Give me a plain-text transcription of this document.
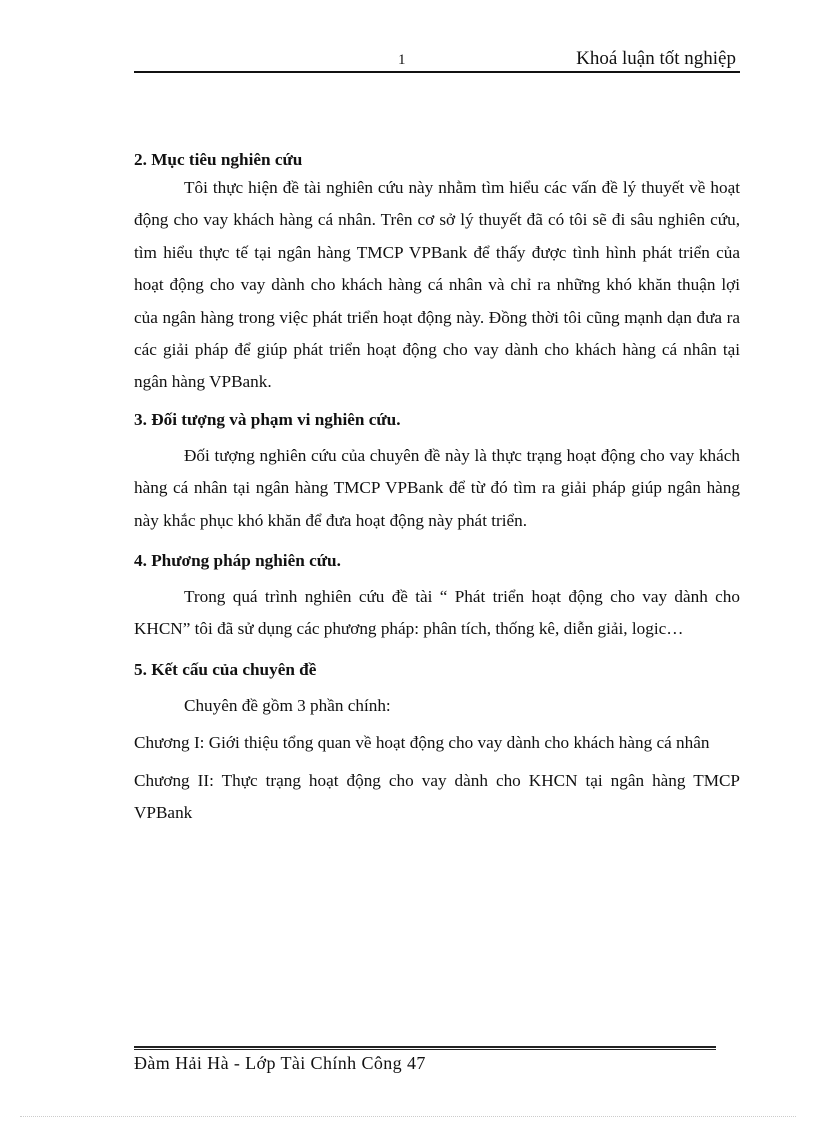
1	Khoá luận tốt nghiệp

2. Mục tiêu nghiên cứu

Tôi thực hiện đề tài nghiên cứu này nhằm tìm hiểu các vấn đề lý thuyết về hoạt động cho vay khách hàng cá nhân. Trên cơ sở lý thuyết đã có tôi sẽ đi sâu nghiên cứu, tìm hiểu thực tế tại ngân hàng TMCP VPBank để thấy được tình hình phát triển của hoạt động cho vay dành cho khách hàng cá nhân và chỉ ra những khó khăn thuận lợi của ngân hàng trong việc phát triển hoạt động này. Đồng thời tôi cũng mạnh dạn đưa ra các giải pháp để giúp phát triển hoạt động cho vay dành cho khách hàng cá nhân tại ngân hàng VPBank.

3. Đối tượng và phạm vi nghiên cứu.

Đối tượng nghiên cứu của chuyên đề này là thực trạng hoạt động cho vay khách hàng cá nhân tại ngân hàng TMCP VPBank để từ đó tìm ra giải pháp giúp ngân hàng này khắc phục khó khăn để đưa hoạt động này phát triển.

4. Phương pháp nghiên cứu.

Trong quá trình nghiên cứu đề tài “ Phát triển hoạt động cho vay dành cho KHCN” tôi đã sử dụng các phương pháp: phân tích, thống kê, diễn giải, logic…

5. Kết cấu của chuyên đề

Chuyên đề gồm 3 phần chính:

Chương I: Giới thiệu tổng quan về hoạt động cho vay dành cho khách hàng cá nhân

Chương II: Thực trạng hoạt động cho vay dành cho KHCN tại ngân hàng TMCP VPBank

Đàm Hải Hà - Lớp Tài Chính Công 47
